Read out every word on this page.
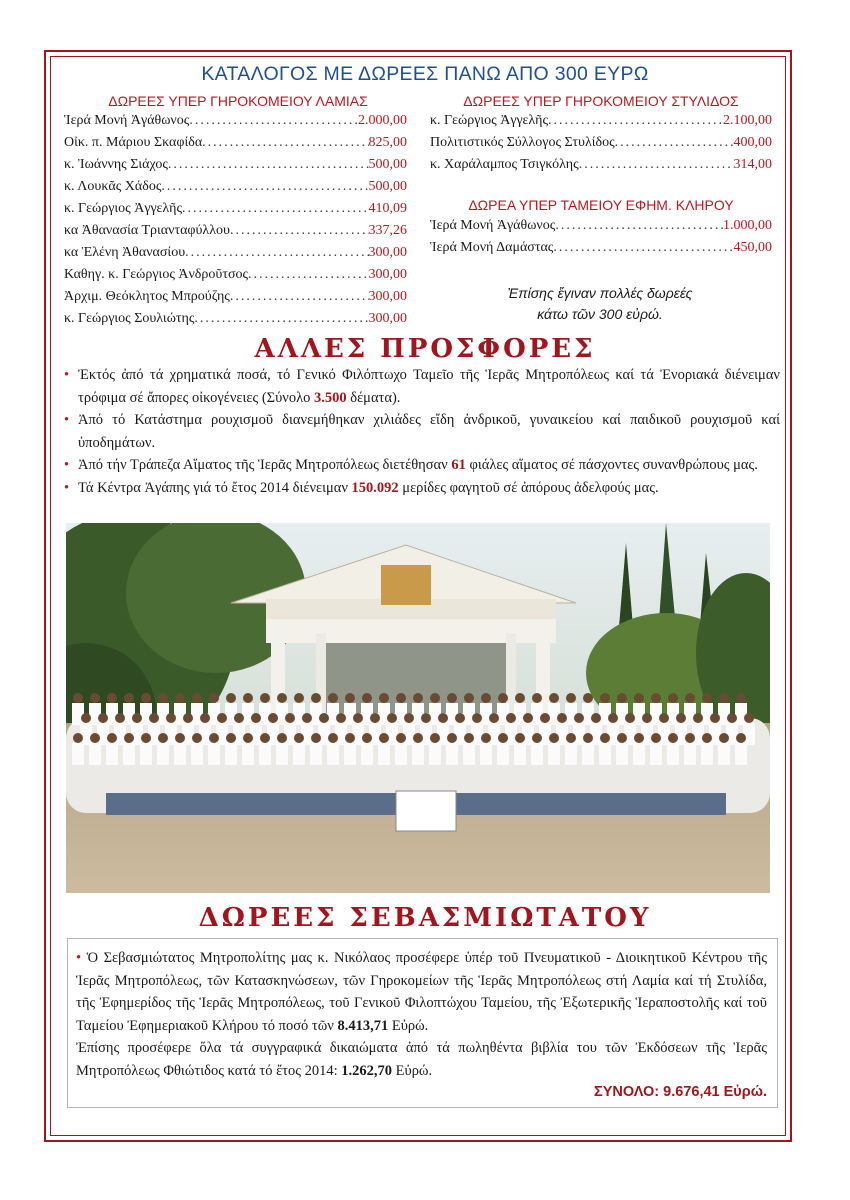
ΚΑΤΑΛΟΓΟΣ ΜΕ ΔΩΡΕΕΣ ΠΑΝΩ ΑΠΟ 300 ΕΥΡΩ
ΔΩΡΕΕΣ ΥΠΕΡ ΓΗΡΟΚΟΜΕΙΟΥ ΛΑΜΙΑΣ
Ἱερά Μονή Ἀγάθωνος .....	2.000,00
Οἰκ. π. Μάριου Σκαφίδα .....	825,00
κ. Ἰωάννης Σιάχος .....	500,00
κ. Λουκᾶς Χάδος .....	500,00
κ. Γεώργιος Ἀγγελῆς .....	410,09
κα Ἀθανασία Τριανταφύλλου .....	337,26
κα Ἑλένη Ἀθανασίου .....	300,00
Καθηγ. κ. Γεώργιος Ἀνδροῦτσος .....	300,00
Ἀρχιμ. Θεόκλητος Μπρούζης .....	300,00
κ. Γεώργιος Σουλιώτης .....	300,00
ΔΩΡΕΕΣ ΥΠΕΡ ΓΗΡΟΚΟΜΕΙΟΥ ΣΤΥΛΙΔΟΣ
κ. Γεώργιος Ἀγγελῆς .....	2.100,00
Πολιτιστικός Σύλλογος Στυλίδος .....	400,00
κ. Χαράλαμπος Τσιγκόλης .....	314,00
ΔΩΡΕΑ ΥΠΕΡ ΤΑΜΕΙΟΥ ΕΦΗΜ. ΚΛΗΡΟΥ
Ἱερά Μονή Ἀγάθωνος .....	1.000,00
Ἱερά Μονή Δαμάστας .....	450,00
Ἐπίσης ἔγιναν πολλές δωρεές
κάτω τῶν 300 εὐρώ.
ΑΛΛΕΣ ΠΡΟΣΦΟΡΕΣ
• Ἐκτός ἀπό τά χρηματικά ποσά, τό Γενικό Φιλόπτωχο Ταμεῖο τῆς Ἱερᾶς Μητροπόλεως καί τά Ἐνοριακά διένειμαν τρόφιμα σέ ἄπορες οἰκογένειες (Σύνολο 3.500 δέματα).
• Ἀπό τό Κατάστημα ρουχισμοῦ διανεμήθηκαν χιλιάδες εἴδη ἀνδρικοῦ, γυναικείου καί παιδικοῦ ρουχισμοῦ καί ὑποδημάτων.
• Ἀπό τήν Τράπεζα Αἵματος τῆς Ἱερᾶς Μητροπόλεως διετέθησαν 61 φιάλες αἵματος σέ πάσχοντες συνανθρώπους μας.
• Τά Κέντρα Ἀγάπης γιά τό ἔτος 2014 διένειμαν 150.092 μερίδες φαγητοῦ σέ ἀπόρους ἀδελφούς μας.
ΔΩΡΕΕΣ ΣΕΒΑΣΜΙΩΤΑΤΟΥ
• Ὁ Σεβασμιώτατος Μητροπολίτης μας κ. Νικόλαος προσέφερε ὑπέρ τοῦ Πνευματικοῦ - Διοικητικοῦ Κέντρου τῆς Ἱερᾶς Μητροπόλεως, τῶν Κατασκηνώσεων, τῶν Γηροκομείων τῆς Ἱερᾶς Μητροπόλεως στή Λαμία καί τή Στυλίδα, τῆς Ἐφημερίδος τῆς Ἱερᾶς Μητροπόλεως, τοῦ Γενικοῦ Φιλοπτώχου Ταμείου, τῆς Ἐξωτερικῆς Ἱεραποστολῆς καί τοῦ Ταμείου Ἐφημεριακοῦ Κλήρου τό ποσό τῶν 8.413,71 Εὐρώ.
Ἐπίσης προσέφερε ὅλα τά συγγραφικά δικαιώματα ἀπό τά πωληθέντα βιβλία του τῶν Ἐκδόσεων τῆς Ἱερᾶς Μητροπόλεως Φθιώτιδος κατά τό ἔτος 2014: 1.262,70 Εὐρώ.
ΣΥΝΟΛΟ: 9.676,41 Εὐρώ.
